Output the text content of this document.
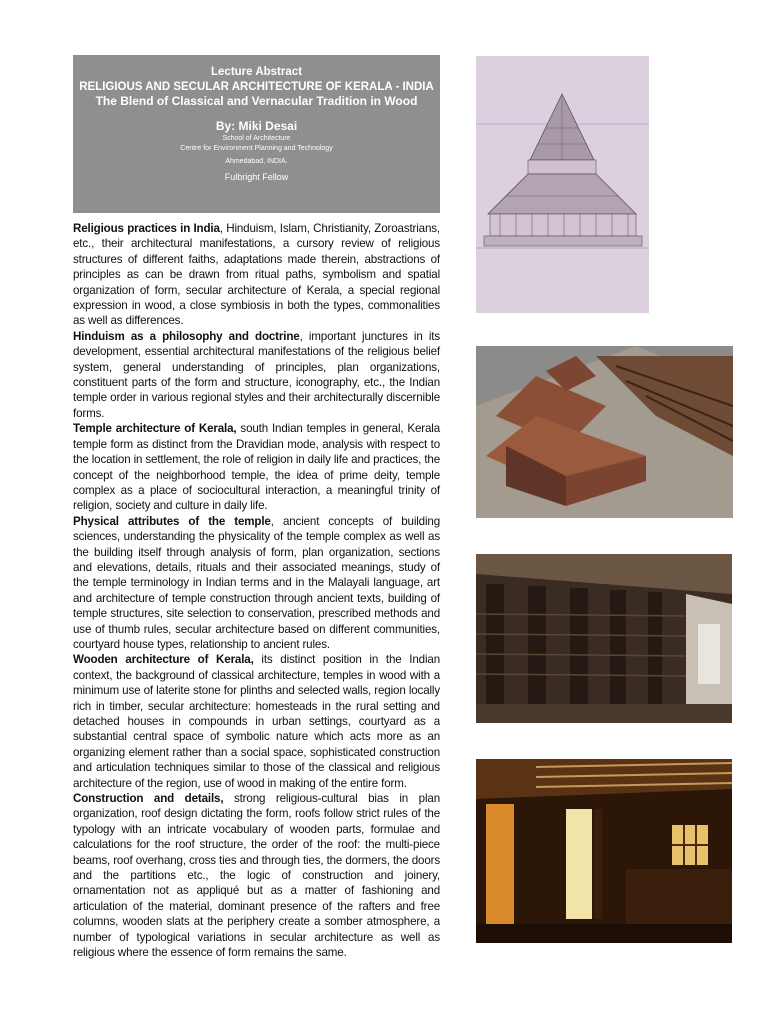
Lecture Abstract
RELIGIOUS AND SECULAR ARCHITECTURE OF KERALA - INDIA
The Blend of Classical and Vernacular Tradition in Wood
By: Miki Desai
School of Architecture
Centre for Environment Planning and Technology
Ahmedabad, INDIA.
Fulbright Fellow

Religious practices in India, Hinduism, Islam, Christianity, Zoroastrians, etc., their architectural manifestations, a cursory review of religious structures of different faiths, adaptations made therein, abstractions of principles as can be drawn from ritual paths, symbolism and spatial organization of form, secular architecture of Kerala, a special regional expression in wood, a close symbiosis in both the types, commonalities as well as differences.

Hinduism as a philosophy and doctrine, important junctures in its development, essential architectural manifestations of the religious belief system, general understanding of principles, plan organizations, constituent parts of the form and structure, iconography, etc., the Indian temple order in various regional styles and their architecturally discernible forms.

Temple architecture of Kerala, south Indian temples in general, Kerala temple form as distinct from the Dravidian mode, analysis with respect to the location in settlement, the role of religion in daily life and practices, the concept of the neighborhood temple, the idea of prime deity, temple complex as a place of sociocultural interaction, a meaningful trinity of religion, society and culture in daily life.

Physical attributes of the temple, ancient concepts of building sciences, understanding the physicality of the temple complex as well as the building itself through analysis of form, plan organization, sections and elevations, details, rituals and their associated meanings, study of the temple terminology in Indian terms and in the Malayali language, art and architecture of temple construction through ancient texts, building of temple structures, site selection to conservation, prescribed methods and use of thumb rules, secular architecture based on different communities, courtyard house types, relationship to ancient rules.

Wooden architecture of Kerala, its distinct position in the Indian context, the background of classical architecture, temples in wood with a minimum use of laterite stone for plinths and selected walls, region locally rich in timber, secular architecture: homesteads in the rural setting and detached houses in compounds in urban settings, courtyard as a substantial central space of symbolic nature which acts more as an organizing element rather than a social space, sophisticated construction and articulation techniques similar to those of the classical and religious architecture of the region, use of wood in making of the entire form.

Construction and details, strong religious-cultural bias in plan organization, roof design dictating the form, roofs follow strict rules of the typology with an intricate vocabulary of wooden parts, formulae and calculations for the roof structure, the order of the roof: the multi-piece beams, roof overhang, cross ties and through ties, the dormers, the doors and the partitions etc., the logic of construction and joinery, ornamentation not as appliqué but as a matter of fashioning and articulation of the material, dominant presence of the rafters and free columns, wooden slats at the periphery create a somber atmosphere, a number of typological variations in secular architecture as well as religious where the essence of form remains the same.
